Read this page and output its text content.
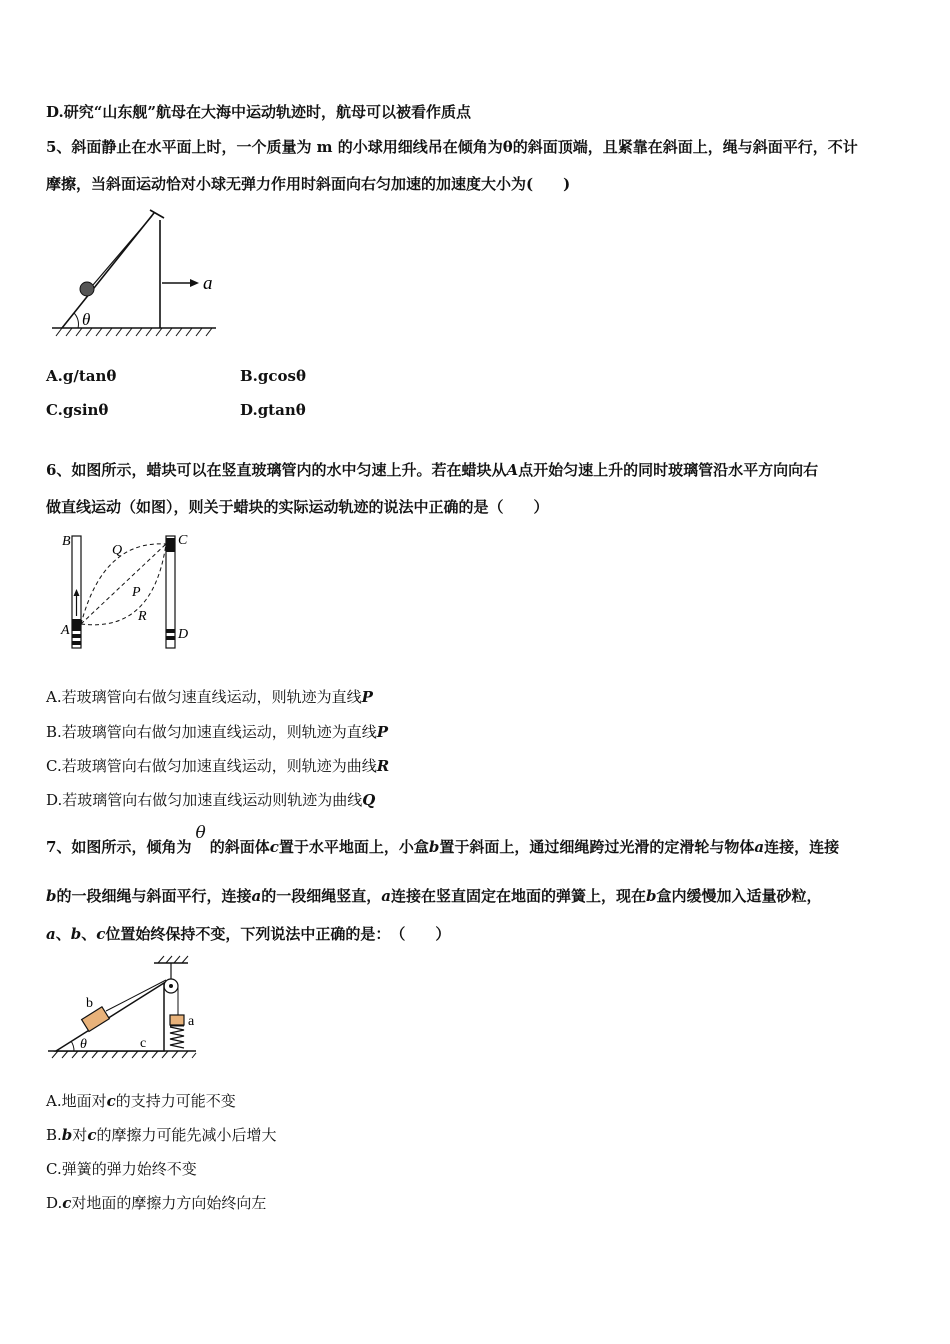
D.研究“山东舰”航母在大海中运动轨迹时，航母可以被看作质点
5、斜面静止在水平面上时，一个质量为 m 的小球用细线吊在倾角为θ的斜面顶端，且紧靠在斜面上，绳与斜面平行，不计
摩擦，当斜面运动恰对小球无弹力作用时斜面向右匀加速的加速度大小为(　　)
a
θ
A.g/tanθ	B.gcosθ
C.gsinθ	D.gtanθ
6、如图所示，蜡块可以在竖直玻璃管内的水中匀速上升。若在蜡块从A点开始匀速上升的同时玻璃管沿水平方向向右
做直线运动（如图），则关于蜡块的实际运动轨迹的说法中正确的是（　　）
B
A
C
D
Q
P
R
A.若玻璃管向右做匀速直线运动，则轨迹为直线P
B.若玻璃管向右做匀加速直线运动，则轨迹为直线P
C.若玻璃管向右做匀加速直线运动，则轨迹为曲线R
D.若玻璃管向右做匀加速直线运动则轨迹为曲线Q
7、如图所示，倾角为θ的斜面体c置于水平地面上，小盒b置于斜面上，通过细绳跨过光滑的定滑轮与物体a连接，连接
b的一段细绳与斜面平行，连接a的一段细绳竖直，a连接在竖直固定在地面的弹簧上，现在b盒内缓慢加入适量砂粒，
a、b、c位置始终保持不变，下列说法中正确的是：　（　　）
θ	c
b
a
A.地面对c的支持力可能不变
B.b对c的摩擦力可能先减小后增大
C.弹簧的弹力始终不变
D.c对地面的摩擦力方向始终向左
